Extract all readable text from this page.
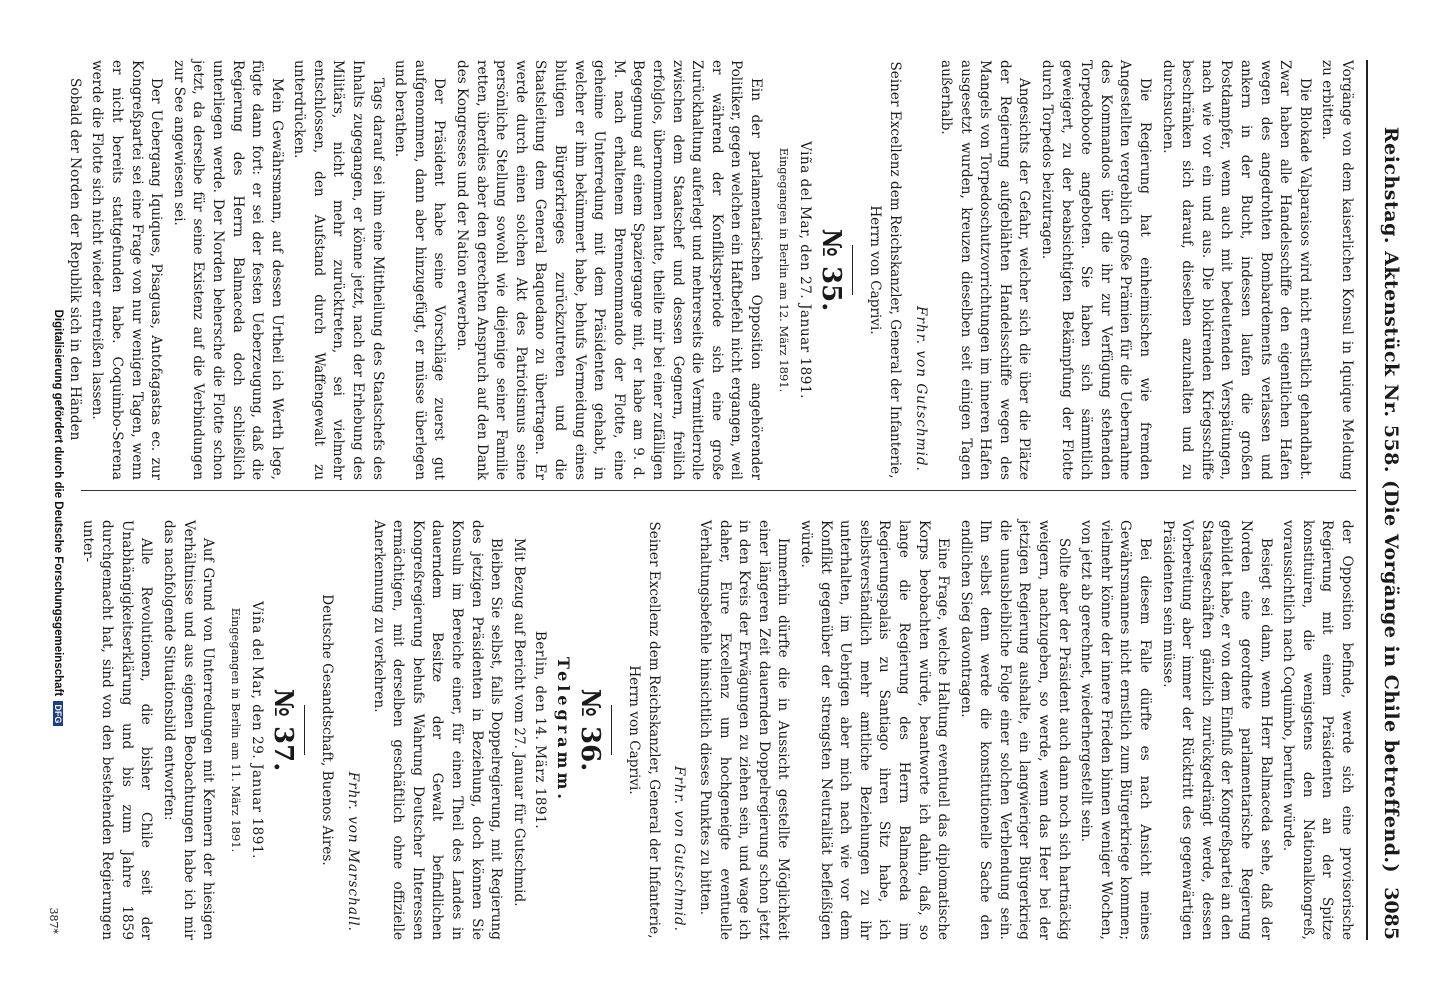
Reichstag. Aktenstück Nr. 558. (Die Vorgänge in Chile betreffend.)
3085

Vorgänge von dem kaiserlichen Konsul in Iquique Meldung zu erbitten.

Die Blokade Valparaisos wird nicht ernstlich gehandhabt. Zwar haben alle Handelsschiffe den eigentlichen Hafen wegen des angedrohten Bombardements verlassen und ankern in der Bucht, indessen laufen die großen Postdampfer, wenn auch mit bedeutenden Verspätungen, nach wie vor ein und aus. Die blokirenden Kriegsschiffe beschränken sich darauf, dieselben anzuhalten und zu durchsuchen.

Die Regierung hat einheimischen wie fremden Angestellten vergeblich große Prämien für die Uebernahme des Kommandos über die ihr zur Verfügung stehenden Torpedoboote angeboten. Sie haben sich sämmtlich geweigert, zu der beabsichtigten Bekämpfung der Flotte durch Torpedos beizutragen.

Angesichts der Gefahr, welcher sich die über die Plätze der Regierung aufgeblähten Handelsschiffe wegen des Mangels von Torpedoschutzvorrichtungen im inneren Hafen ausgesetzt wurden, kreuzen dieselben seit einigen Tagen außerhalb.

Frhr. von Gutschmid.
Seiner Excellenz dem Reichskanzler, General der Infanterie, Herrn von Caprivi.
№ 35.
Viña del Mar, den 27. Januar 1891.
Eingegangen in Berlin am 12. März 1891.

Ein der parlamentarischen Opposition angehörender Politiker, gegen welchen ein Haftbefehl nicht ergangen, weil er während der Konfliktsperiode sich eine große Zurückhaltung auferlegt und mehrerseits die Vermittlerrolle zwischen dem Staatschef und dessen Gegnern, freilich erfolglos, übernommen hatte, theilte mir bei einer zufälligen Begegnung auf einem Spaziergange mit, er habe am 9. d. M. nach erhaltenem Brenneommando der Flotte, eine geheime Unterredung mit dem Präsidenten gehabt, in welcher er ihm bekümmert habe, behufs Vermeidung eines blutigen Bürgerkrieges zurückzutreten und die Staatsleitung dem General Baquedano zu übertragen. Er werde durch einen solchen Akt des Patriotismus seine persönliche Stellung sowohl wie diejenige seiner Familie retten, überdies aber den gerechten Anspruch auf den Dank des Kongresses und der Nation erwerben.

Der Präsident habe seine Vorschläge zuerst gut aufgenommen, dann aber hinzugefügt, er müsse überlegen und berathen.

Tags darauf sei ihm eine Mittheilung des Staatschefs des Inhalts zugegangen, er könne jetzt, nach der Erhebung des Militärs, nicht mehr zurücktreten, sei vielmehr entschlossen, den Aufstand durch Waffengewalt zu unterdrücken.

Mein Gewährsmann, auf dessen Urtheil ich Werth lege, fügte dann fort: er sei der festen Ueberzeugung, daß die Regierung des Herrn Balmaceda doch schließlich unterliegen werde. Der Norden behersche die Flotte schon jetzt, da derselbe für seine Existenz auf die Verbindungen zur See angewiesen sei.

Der Uebergang Iquiques, Pisaguas, Antofagastas ec. zur Kongreßpartei sei eine Frage von nur wenigen Tagen, wenn er nicht bereits stattgefunden habe. Coquimbo-Serena werde die Flotte sich nicht wieder entreißen lassen.

Sobald der Norden der Republik sich in den Händen

der Opposition befinde, werde sich eine provisorische Regierung mit einem Präsidenten an der Spitze konstituiren, die wenigstens den Nationalkongreß, voraussichtlich nach Coquimbo, berufen würde.

Besiegt sei dann, wenn Herr Balmaceda sehe, daß der Norden eine geordnete parlamentarische Regierung gebildet habe, er von dem Einfluß der Kongreßpartei an den Staatsgeschäften gänzlich zurückgedrängt werde, dessen Vorbereitung aber immer der Rücktritt des gegenwärtigen Präsidenten sein müsse.

Bei diesem Falle dürfte es nach Ansicht meines Gewährsmannes nicht ernstlich zum Bürgerkriege kommen; vielmehr könne der innere Frieden binnen weniger Wochen, von jetzt ab gerechnet, wiederhergestellt sein.

Sollte aber der Präsident auch dann noch sich hartnäckig weigern, nachzugeben, so werde, wenn das Heer bei der jetzigen Regierung aushalte, ein langwieriger Bürgerkrieg die unausbleibliche Folge einer solchen Verblendung sein. Ihn selbst denn werde die konstitutionelle Sache den endlichen Sieg davontragen.

Eine Frage, welche Haltung eventuell das diplomatische Korps beobachten würde, beantworte ich dahin, daß, so lange die Regierung des Herrn Balmaceda im Regierungspalais zu Santiago ihren Sitz habe, ich selbstverständlich mehr amtliche Beziehungen zu ihr unterhalten, im Uebrigen aber mich nach wie vor dem Konflikt gegenüber der strengsten Neutralität befleißigen würde.

Immerhin dürfte die in Aussicht gestellte Möglichkeit einer längeren Zeit dauernden Doppelregierung schon jetzt in den Kreis der Erwägungen zu ziehen sein, und wage ich daher, Eure Excellenz um hochgeneigte eventuelle Verhaltungsbefehle hinsichtlich dieses Punktes zu bitten.

Frhr. von Gutschmid.
Seiner Excellenz dem Reichskanzler, General der Infanterie, Herrn von Caprivi.
№ 36.
Telegramm.
Berlin, den 14. März 1891.

Mit Bezug auf Bericht vom 27. Januar für Gutschmid.

Bleiben Sie selbst, falls Doppelregierung, mit Regierung des jetzigen Präsidenten in Beziehung, doch können Sie Konsuln im Bereiche einer, für einen Theil des Landes in dauerndem Besitze der Gewalt befindlichen Kongreßregierung behufs Wahrung Deutscher Interessen ermächtigen, mit derselben geschäftlich ohne offizielle Anerkennung zu verkehren.

Frhr. von Marschall.
Deutsche Gesandtschaft, Buenos Aires.
№ 37.
Viña del Mar, den 29. Januar 1891.
Eingegangen in Berlin am 11. März 1891.

Auf Grund von Unterredungen mit Kennern der hiesigen Verhältnisse und aus eigenen Beobachtungen habe ich mir das nachfolgende Situationsbild entworfen:

Alle Revolutionen, die bisher Chile seit der Unabhängigkeitserklärung und bis zum Jahre 1859 durchgemacht hat, sind von den bestehenden Regierungen unter-

387*
Digitalisierung gefördert durch die Deutsche Forschungsgemeinschaft DFG
